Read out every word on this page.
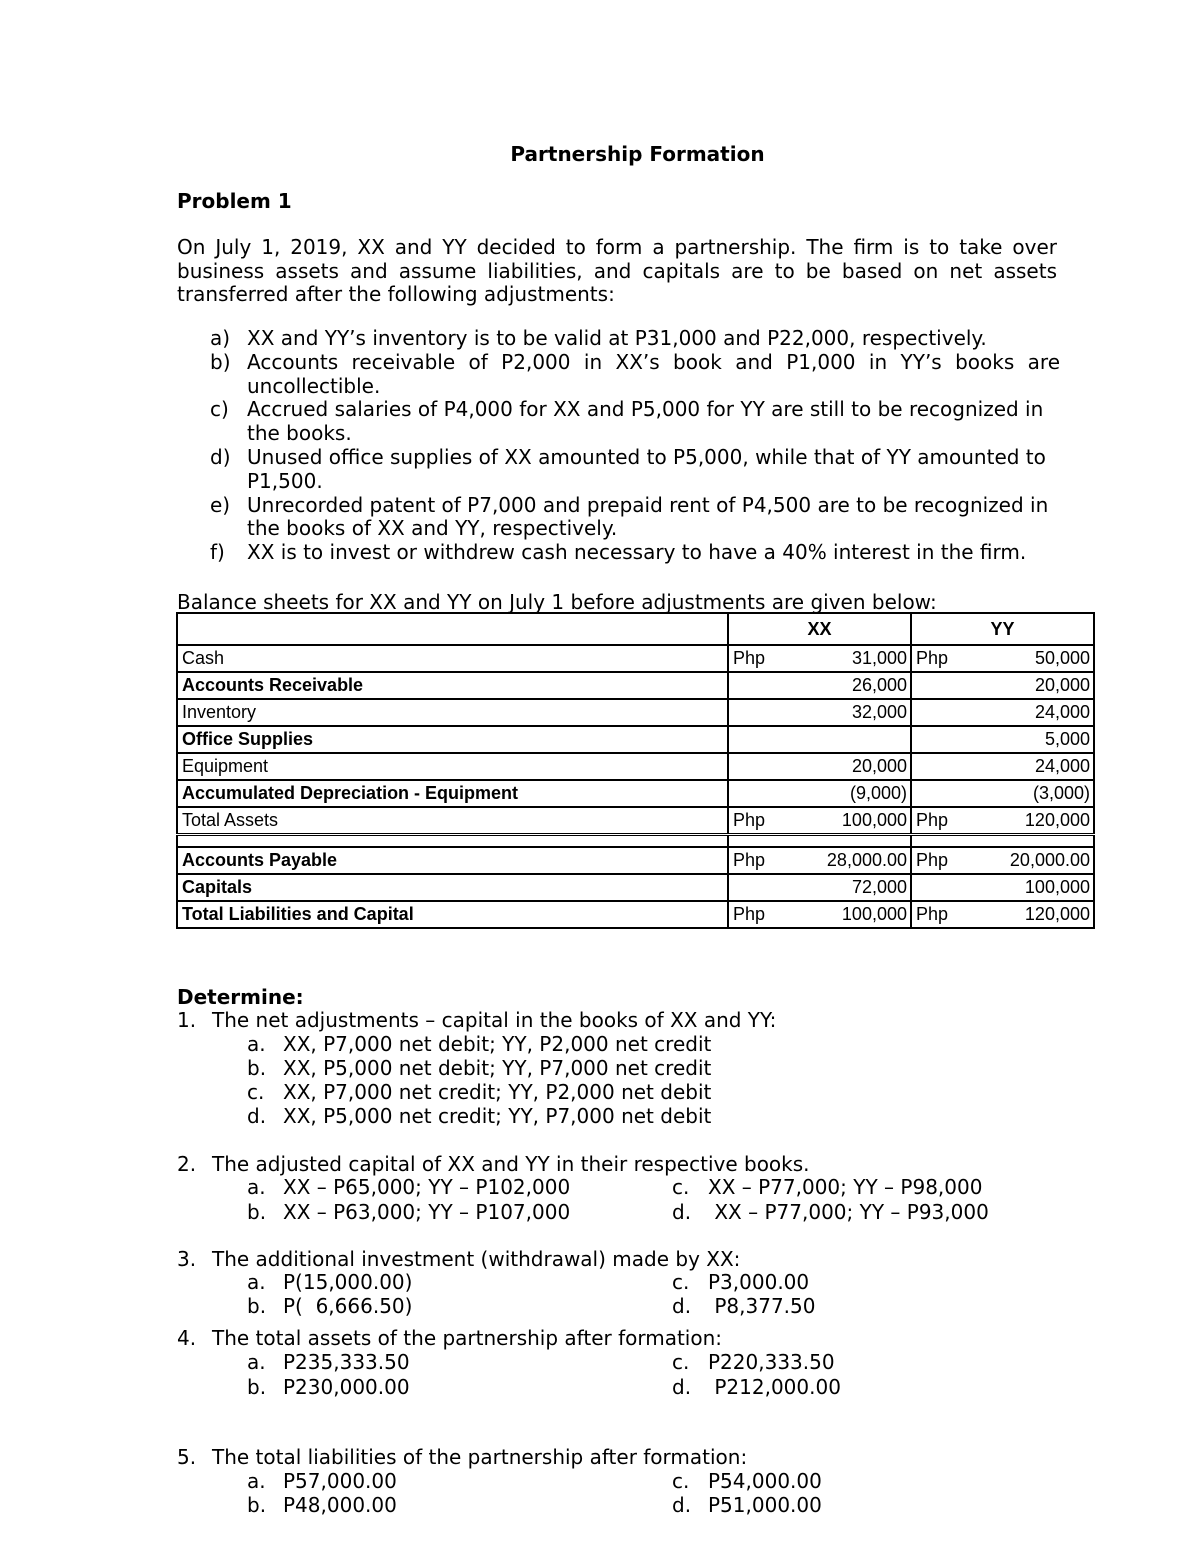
Partnership Formation
Problem 1
On July 1, 2019, XX and YY decided to form a partnership. The firm is to take over business assets and assume liabilities, and capitals are to be based on net assets transferred after the following adjustments:
a) XX and YY’s inventory is to be valid at P31,000 and P22,000, respectively.
b) Accounts receivable of P2,000 in XX’s book and P1,000 in YY’s books are uncollectible.
c) Accrued salaries of P4,000 for XX and P5,000 for YY are still to be recognized in the books.
d) Unused office supplies of XX amounted to P5,000, while that of YY amounted to P1,500.
e) Unrecorded patent of P7,000 and prepaid rent of P4,500 are to be recognized in the books of XX and YY, respectively.
f) XX is to invest or withdrew cash necessary to have a 40% interest in the firm.
Balance sheets for XX and YY on July 1 before adjustments are given below:
	XX		YY	
Cash	Php	31,000	Php	50,000
Accounts Receivable		26,000		20,000
Inventory		32,000		24,000
Office Supplies				5,000
Equipment		20,000		24,000
Accumulated Depreciation - Equipment		(9,000)		(3,000)
Total Assets	Php	100,000	Php	120,000

Accounts Payable	Php	28,000.00	Php	20,000.00
Capitals		72,000		100,000
Total Liabilities and Capital	Php	100,000	Php	120,000
Determine:
1. The net adjustments – capital in the books of XX and YY:
a. XX, P7,000 net debit; YY, P2,000 net credit
b. XX, P5,000 net debit; YY, P7,000 net credit
c. XX, P7,000 net credit; YY, P2,000 net debit
d. XX, P5,000 net credit; YY, P7,000 net debit
2. The adjusted capital of XX and YY in their respective books.
a. XX – P65,000; YY – P102,000
b. XX – P63,000; YY – P107,000
c. XX – P77,000; YY – P98,000
d. XX – P77,000; YY – P93,000
3. The additional investment (withdrawal) made by XX:
a. P(15,000.00)
b. P(  6,666.50)
c. P3,000.00
d. P8,377.50
4. The total assets of the partnership after formation:
a. P235,333.50
b. P230,000.00
c. P220,333.50
d. P212,000.00
5. The total liabilities of the partnership after formation:
a. P57,000.00
b. P48,000.00
c. P54,000.00
d. P51,000.00
